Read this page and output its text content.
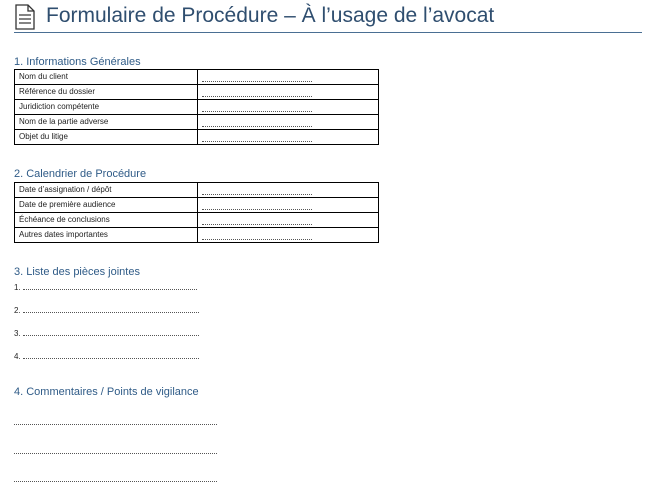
Formulaire de Procédure – À l’usage de l’avocat
1. Informations Générales
Nom du client	
Référence du dossier	
Juridiction compétente	
Nom de la partie adverse	
Objet du litige	
2. Calendrier de Procédure
Date d’assignation / dépôt	
Date de première audience	
Échéance de conclusions	
Autres dates importantes	
3. Liste des pièces jointes
1.
2.
3.
4.
4. Commentaires / Points de vigilance
